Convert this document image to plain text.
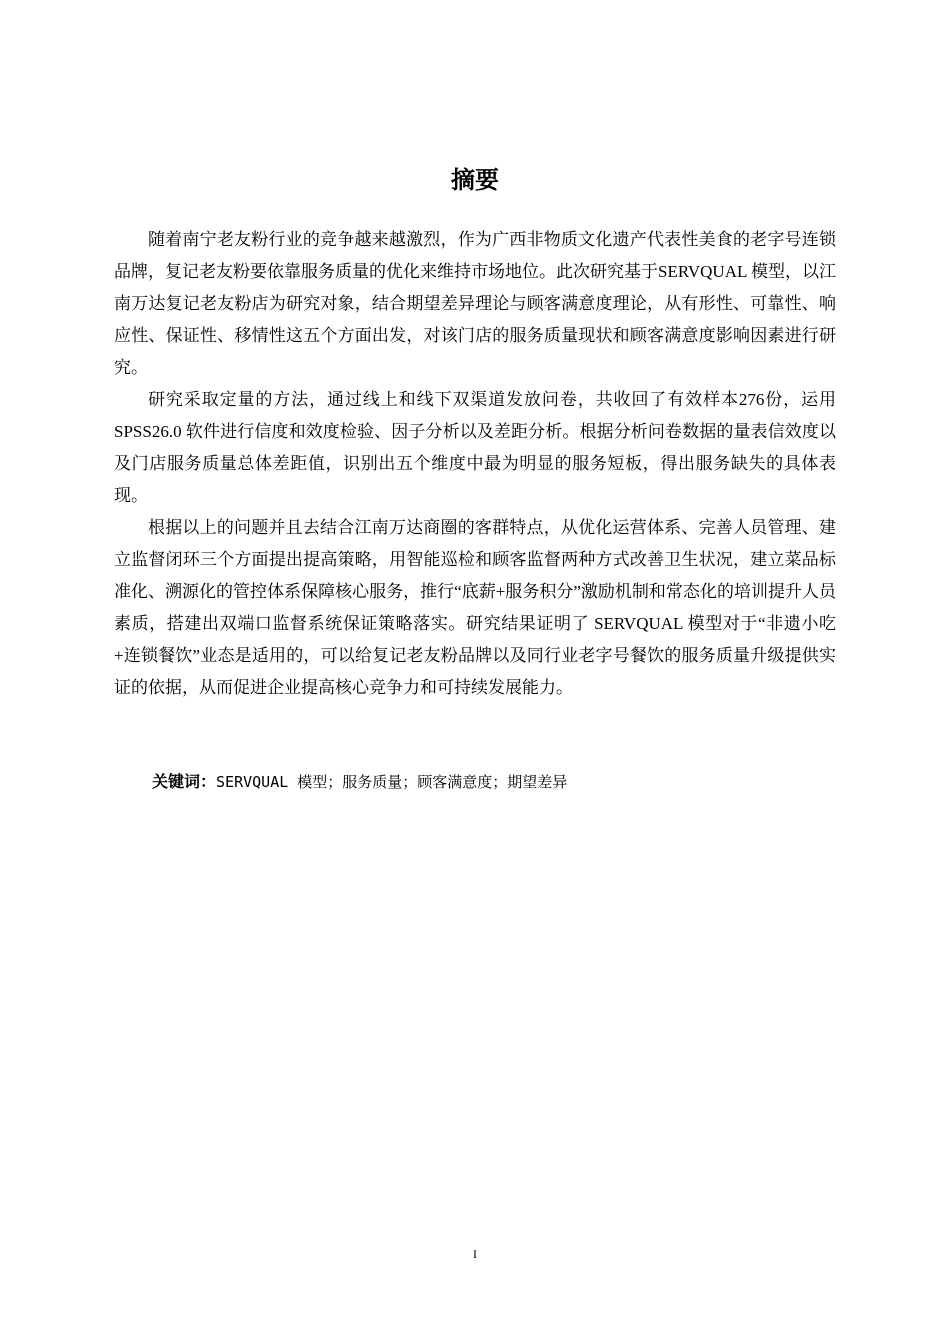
摘要

随着南宁老友粉行业的竞争越来越激烈，作为广西非物质文化遗产代表性美食的老字号连锁品牌，复记老友粉要依靠服务质量的优化来维持市场地位。此次研究基于SERVQUAL 模型，以江南万达复记老友粉店为研究对象，结合期望差异理论与顾客满意度理论，从有形性、可靠性、响应性、保证性、移情性这五个方面出发，对该门店的服务质量现状和顾客满意度影响因素进行研究。

研究采取定量的方法，通过线上和线下双渠道发放问卷，共收回了有效样本276份，运用 SPSS26.0 软件进行信度和效度检验、因子分析以及差距分析。根据分析问卷数据的量表信效度以及门店服务质量总体差距值，识别出五个维度中最为明显的服务短板，得出服务缺失的具体表现。

根据以上的问题并且去结合江南万达商圈的客群特点，从优化运营体系、完善人员管理、建立监督闭环三个方面提出提高策略，用智能巡检和顾客监督两种方式改善卫生状况，建立菜品标准化、溯源化的管控体系保障核心服务，推行“底薪+服务积分”激励机制和常态化的培训提升人员素质，搭建出双端口监督系统保证策略落实。研究结果证明了 SERVQUAL 模型对于“非遗小吃+连锁餐饮”业态是适用的，可以给复记老友粉品牌以及同行业老字号餐饮的服务质量升级提供实证的依据，从而促进企业提高核心竞争力和可持续发展能力。

关键词：SERVQUAL 模型；服务质量；顾客满意度；期望差异

I
